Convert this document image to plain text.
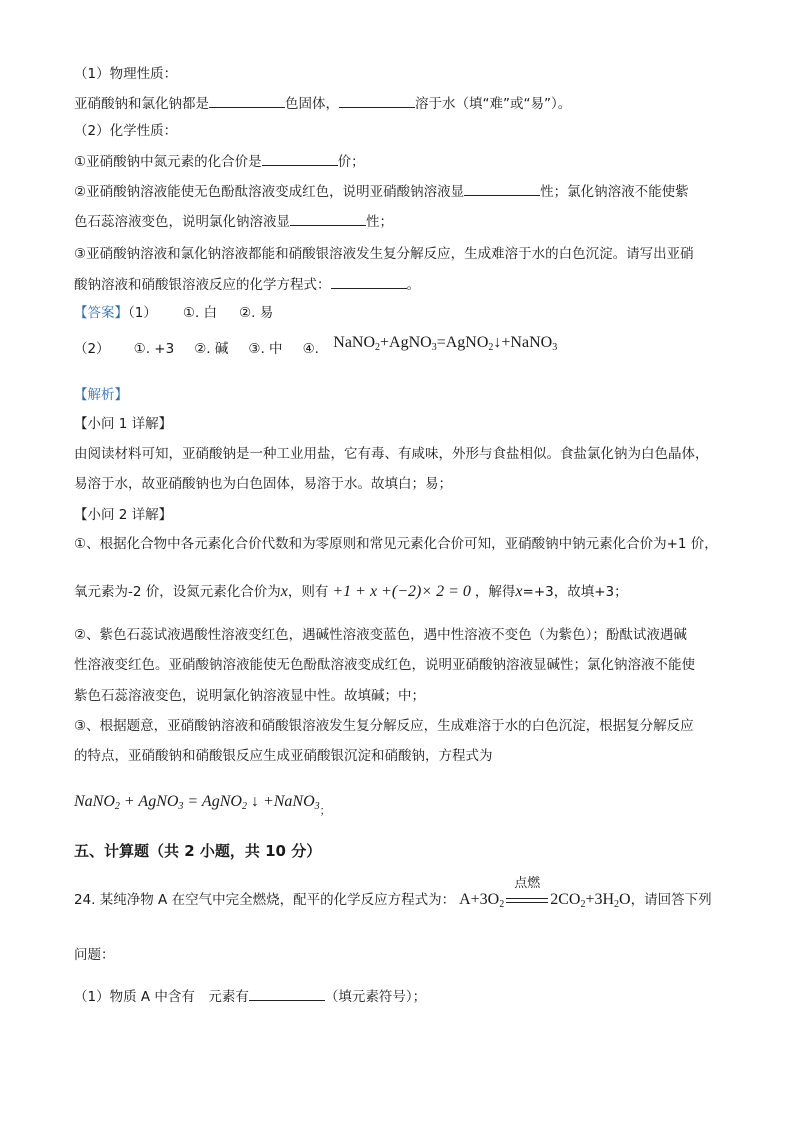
（1）物理性质：
亚硝酸钠和氯化钠都是	色固体，	溶于水（填“难”或“易”）。
（2）化学性质：
①亚硝酸钠中氮元素的化合价是	价；
②亚硝酸钠溶液能使无色酚酞溶液变成红色，说明亚硝酸钠溶液显	性；氯化钠溶液不能使紫
色石蕊溶液变色，说明氯化钠溶液显	性；
③亚硝酸钠溶液和氯化钠溶液都能和硝酸银溶液发生复分解反应，生成难溶于水的白色沉淀。请写出亚硝
酸钠溶液和硝酸银溶液反应的化学方程式：	。
【答案】（1） ①. 白 ②. 易
（2） ①. +3 ②. 碱 ③. 中 ④. NaNO$_2$+AgNO$_3$=AgNO$_2$↓+NaNO$_3$
【解析】
【小问 1 详解】
由阅读材料可知，亚硝酸钠是一种工业用盐，它有毒、有咸味，外形与食盐相似。食盐氯化钠为白色晶体，
易溶于水，故亚硝酸钠也为白色固体，易溶于水。故填白；易；
【小问 2 详解】
①、根据化合物中各元素化合价代数和为零原则和常见元素化合价可知，亚硝酸钠中钠元素化合价为+1 价，
氧元素为-2 价，设氮元素化合价为x，则有 +1 + x +(−2)× 2 = 0 ，解得x=+3，故填+3；
②、紫色石蕊试液遇酸性溶液变红色，遇碱性溶液变蓝色，遇中性溶液不变色（为紫色）；酚酞试液遇碱
性溶液变红色。亚硝酸钠溶液能使无色酚酞溶液变成红色，说明亚硝酸钠溶液显碱性；氯化钠溶液不能使
紫色石蕊溶液变色，说明氯化钠溶液显中性。故填碱；中；
③、根据题意，亚硝酸钠溶液和硝酸银溶液发生复分解反应，生成难溶于水的白色沉淀，根据复分解反应
的特点，亚硝酸钠和硝酸银反应生成亚硝酸银沉淀和硝酸钠，方程式为
NaNO$_2$ + AgNO$_3$ = AgNO$_2$ ↓ +NaNO$_{3;}$
五、计算题（共 2 小题，共 10 分）
24. 某纯净物 A 在空气中完全燃烧，配平的化学反应方程式为： $A+3O_2$
点燃
$2CO_2+3H_2O$，请回答下列
问题：
（1）物质 A 中含有　元素有	（填元素符号）；
